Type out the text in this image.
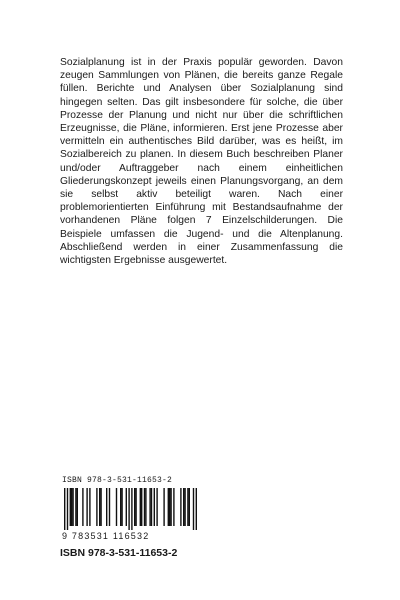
Sozialplanung ist in der Praxis populär geworden. Davon zeugen Sammlungen von Plänen, die bereits ganze Regale füllen. Berichte und Analysen über Sozialplanung sind hingegen selten. Das gilt insbesondere für solche, die über Prozesse der Planung und nicht nur über die schriftlichen Erzeugnisse, die Pläne, informieren. Erst jene Prozesse aber vermitteln ein authentisches Bild darüber, was es heißt, im Sozialbereich zu planen. In diesem Buch beschreiben Planer und/oder Auftraggeber nach einem einheitlichen Gliederungskonzept jeweils einen Planungsvorgang, an dem sie selbst aktiv beteiligt waren. Nach einer problemorientierten Einführung mit Bestandsaufnahme der vorhandenen Pläne folgen 7 Einzelschilderungen. Die Beispiele umfassen die Jugend- und die Altenplanung. Abschließend werden in einer Zusammenfassung die wichtigsten Ergebnisse ausgewertet.

ISBN 978-3-531-11653-2
9 783531 116532
ISBN 978-3-531-11653-2
